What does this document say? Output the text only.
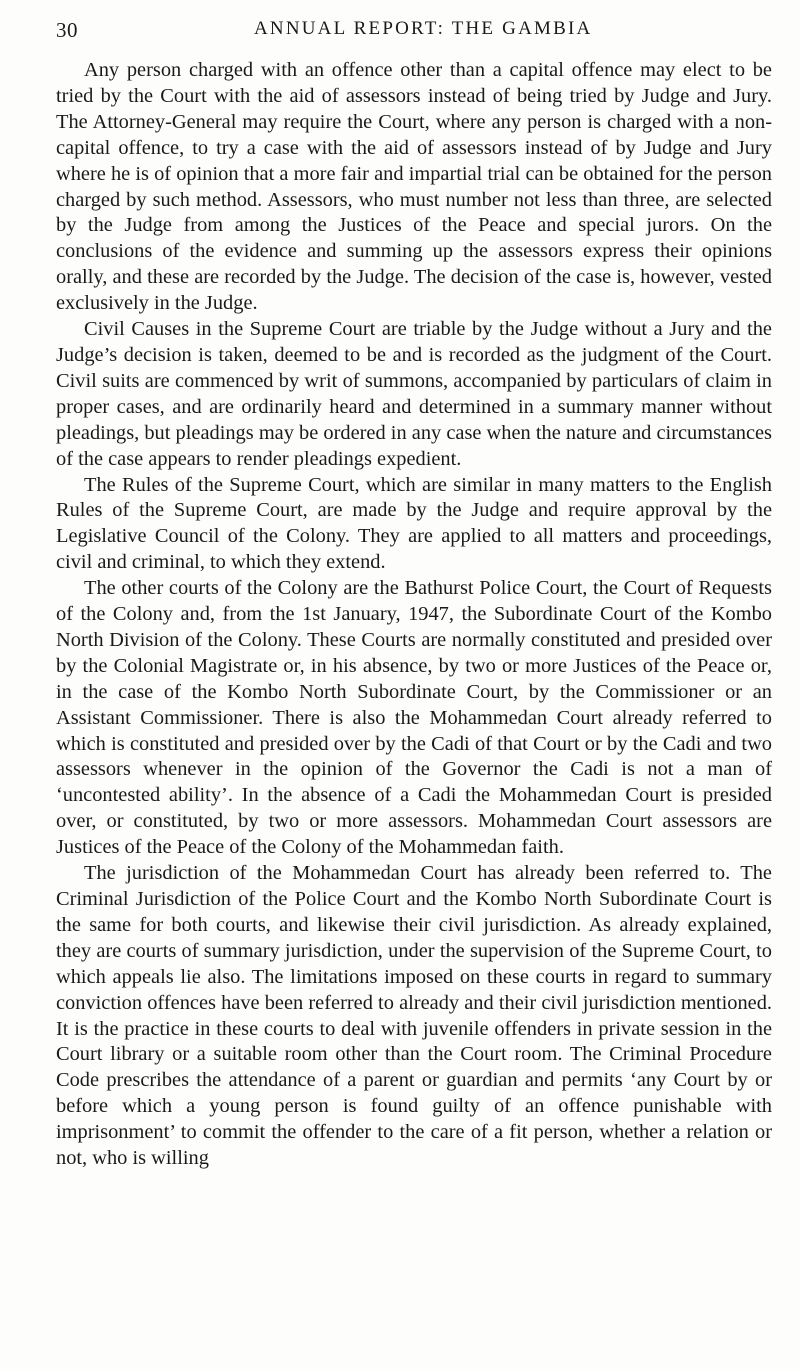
30	ANNUAL REPORT: THE GAMBIA

Any person charged with an offence other than a capital offence may elect to be tried by the Court with the aid of assessors instead of being tried by Judge and Jury. The Attorney-General may require the Court, where any person is charged with a non-capital offence, to try a case with the aid of assessors instead of by Judge and Jury where he is of opinion that a more fair and impartial trial can be obtained for the person charged by such method. Assessors, who must number not less than three, are selected by the Judge from among the Justices of the Peace and special jurors. On the conclusions of the evidence and summing up the assessors express their opinions orally, and these are recorded by the Judge. The decision of the case is, however, vested exclusively in the Judge.

Civil Causes in the Supreme Court are triable by the Judge without a Jury and the Judge’s decision is taken, deemed to be and is recorded as the judgment of the Court. Civil suits are commenced by writ of summons, accompanied by particulars of claim in proper cases, and are ordinarily heard and determined in a summary manner without pleadings, but pleadings may be ordered in any case when the nature and circumstances of the case appears to render pleadings expedient.

The Rules of the Supreme Court, which are similar in many matters to the English Rules of the Supreme Court, are made by the Judge and require approval by the Legislative Council of the Colony. They are applied to all matters and proceedings, civil and criminal, to which they extend.

The other courts of the Colony are the Bathurst Police Court, the Court of Requests of the Colony and, from the 1st January, 1947, the Subordinate Court of the Kombo North Division of the Colony. These Courts are normally constituted and presided over by the Colonial Magistrate or, in his absence, by two or more Justices of the Peace or, in the case of the Kombo North Subordinate Court, by the Commissioner or an Assistant Commissioner. There is also the Mohammedan Court already referred to which is constituted and presided over by the Cadi of that Court or by the Cadi and two assessors whenever in the opinion of the Governor the Cadi is not a man of ‘uncontested ability’. In the absence of a Cadi the Mohammedan Court is presided over, or constituted, by two or more assessors. Mohammedan Court assessors are Justices of the Peace of the Colony of the Mohammedan faith.

The jurisdiction of the Mohammedan Court has already been referred to. The Criminal Jurisdiction of the Police Court and the Kombo North Subordinate Court is the same for both courts, and likewise their civil jurisdiction. As already explained, they are courts of summary jurisdiction, under the supervision of the Supreme Court, to which appeals lie also. The limitations imposed on these courts in regard to summary conviction offences have been referred to already and their civil jurisdiction mentioned. It is the practice in these courts to deal with juvenile offenders in private session in the Court library or a suitable room other than the Court room. The Criminal Procedure Code prescribes the attendance of a parent or guardian and permits ‘any Court by or before which a young person is found guilty of an offence punishable with imprisonment’ to commit the offender to the care of a fit person, whether a relation or not, who is willing
